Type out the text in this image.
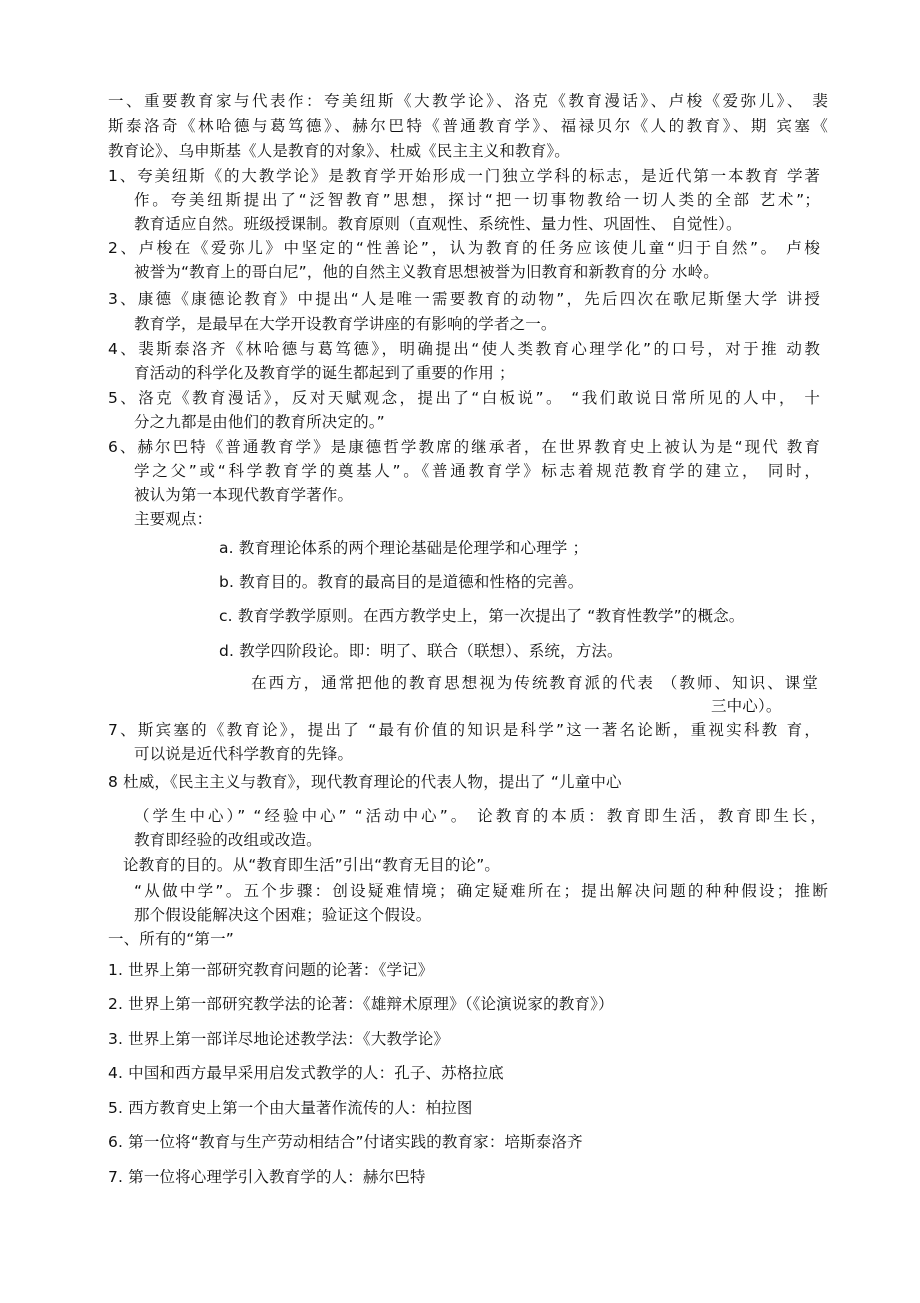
一、重要教育家与代表作：夸美纽斯《大教学论》、洛克《教育漫话》、卢梭《爱弥儿》、 裴
斯泰洛奇《林哈德与葛笃德》、赫尔巴特《普通教育学》、福禄贝尔《人的教育》、期 宾塞《
教育论》、乌申斯基《人是教育的对象》、杜威《民主主义和教育》。
1、夸美纽斯《的大教学论》是教育学开始形成一门独立学科的标志，是近代第一本教育 学著
作。夸美纽斯提出了“泛智教育”思想，探讨“把一切事物教给一切人类的全部 艺术”；
教育适应自然。班级授课制。教育原则（直观性、系统性、量力性、巩固性、 自觉性）。
2、卢梭在《爱弥儿》中坚定的“性善论”，认为教育的任务应该使儿童“归于自然”。 卢梭
被誉为“教育上的哥白尼”，他的自然主义教育思想被誉为旧教育和新教育的分 水岭。
3、康德《康德论教育》中提出“人是唯一需要教育的动物”，先后四次在歌尼斯堡大学 讲授
教育学，是最早在大学开设教育学讲座的有影响的学者之一。
4、裴斯泰洛齐《林哈德与葛笃德》，明确提出“使人类教育心理学化”的口号，对于推 动教
育活动的科学化及教育学的诞生都起到了重要的作用 ；
5、洛克《教育漫话》，反对天赋观念，提出了“白板说”。 “我们敢说日常所见的人中， 十
分之九都是由他们的教育所决定的。”
6、赫尔巴特《普通教育学》是康德哲学教席的继承者，在世界教育史上被认为是“现代 教育
学之父”或“科学教育学的奠基人”。《普通教育学》标志着规范教育学的建立， 同时，
被认为第一本现代教育学著作。
主要观点：
a. 教育理论体系的两个理论基础是伦理学和心理学 ；
b. 教育目的。教育的最高目的是道德和性格的完善。
c. 教育学教学原则。在西方教学史上，第一次提出了 “教育性教学”的概念。
d. 教学四阶段论。即：明了、联合（联想）、系统，方法。
在西方，通常把他的教育思想视为传统教育派的代表 （教师、知识、课堂
三中心）。
7、斯宾塞的《教育论》，提出了 “最有价值的知识是科学”这一著名论断，重视实科教 育，
可以说是近代科学教育的先锋。
8 杜威，《民主主义与教育》，现代教育理论的代表人物，提出了 “儿童中心
（学生中心）” “经验中心” “活动中心”。 论教育的本质：教育即生活，教育即生长，
教育即经验的改组或改造。
论教育的目的。从“教育即生活”引出“教育无目的论”。
“从做中学”。五个步骤：创设疑难情境；确定疑难所在；提出解决问题的种种假设；推断
那个假设能解决这个困难；验证这个假设。
一、所有的“第一”
1. 世界上第一部研究教育问题的论著：《学记》
2. 世界上第一部研究教学法的论著：《雄辩术原理》（《论演说家的教育》）
3. 世界上第一部详尽地论述教学法：《大教学论》
4. 中国和西方最早采用启发式教学的人：孔子、苏格拉底
5. 西方教育史上第一个由大量著作流传的人：柏拉图
6. 第一位将“教育与生产劳动相结合”付诸实践的教育家：培斯泰洛齐
7. 第一位将心理学引入教育学的人：赫尔巴特
